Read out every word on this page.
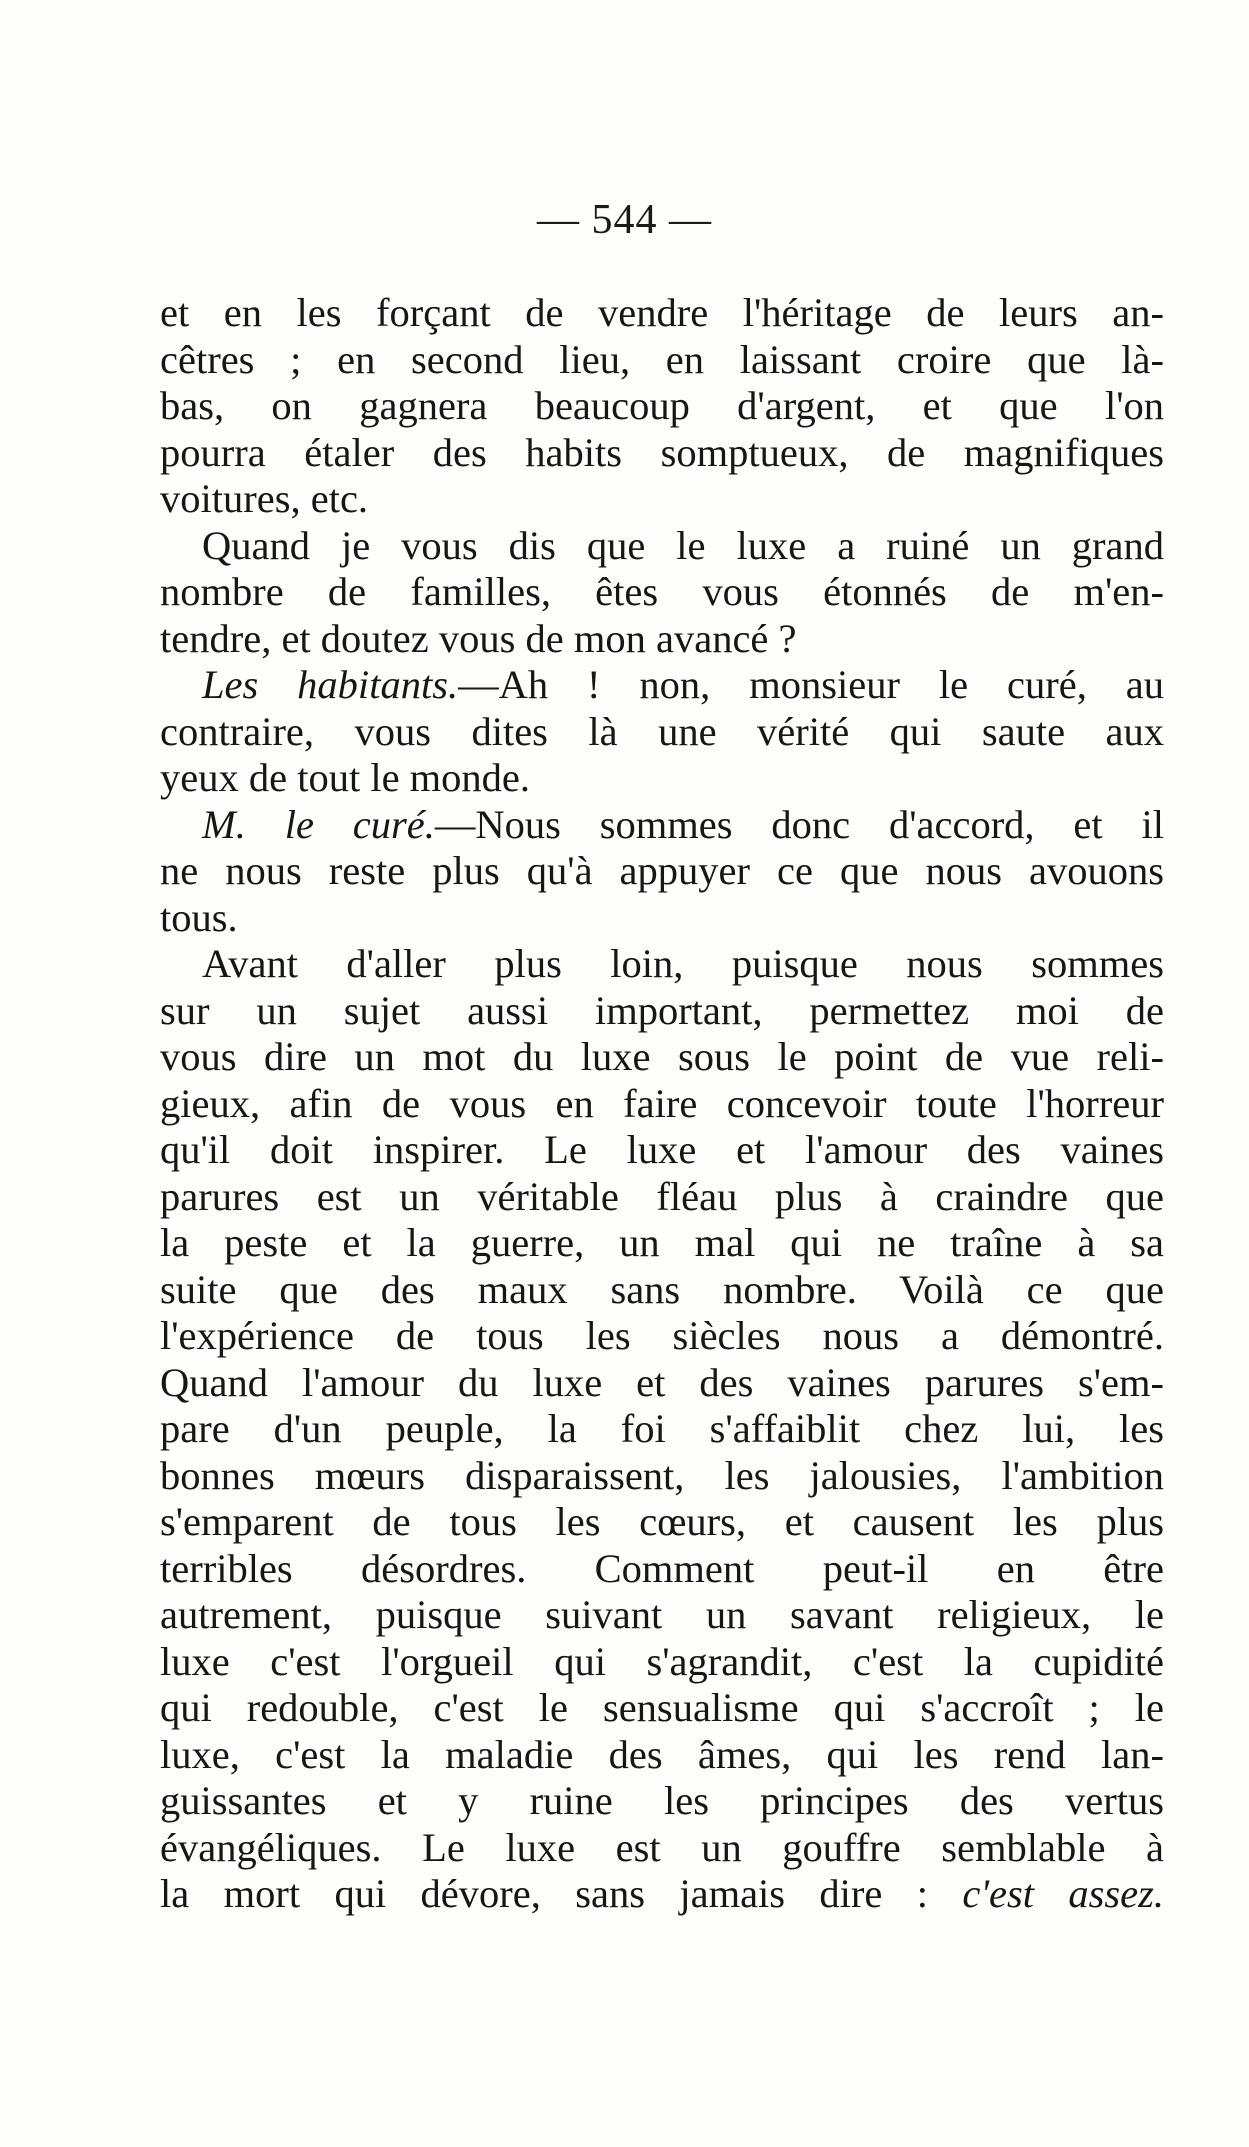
— 544 —
et en les forçant de vendre l'héritage de leurs an-
cêtres ; en second lieu, en laissant croire que là-
bas, on gagnera beaucoup d'argent, et que l'on
pourra étaler des habits somptueux, de magnifiques
voitures, etc.
Quand je vous dis que le luxe a ruiné un grand
nombre de familles, êtes vous étonnés de m'en-
tendre, et doutez vous de mon avancé ?
Les habitants.—Ah ! non, monsieur le curé, au
contraire, vous dites là une vérité qui saute aux
yeux de tout le monde.
M. le curé.—Nous sommes donc d'accord, et il
ne nous reste plus qu'à appuyer ce que nous avouons
tous.
Avant d'aller plus loin, puisque nous sommes
sur un sujet aussi important, permettez moi de
vous dire un mot du luxe sous le point de vue reli-
gieux, afin de vous en faire concevoir toute l'horreur
qu'il doit inspirer. Le luxe et l'amour des vaines
parures est un véritable fléau plus à craindre que
la peste et la guerre, un mal qui ne traîne à sa
suite que des maux sans nombre. Voilà ce que
l'expérience de tous les siècles nous a démontré.
Quand l'amour du luxe et des vaines parures s'em-
pare d'un peuple, la foi s'affaiblit chez lui, les
bonnes mœurs disparaissent, les jalousies, l'ambition
s'emparent de tous les cœurs, et causent les plus
terribles désordres. Comment peut-il en être
autrement, puisque suivant un savant religieux, le
luxe c'est l'orgueil qui s'agrandit, c'est la cupidité
qui redouble, c'est le sensualisme qui s'accroît ; le
luxe, c'est la maladie des âmes, qui les rend lan-
guissantes et y ruine les principes des vertus
évangéliques. Le luxe est un gouffre semblable à
la mort qui dévore, sans jamais dire : c'est assez.
